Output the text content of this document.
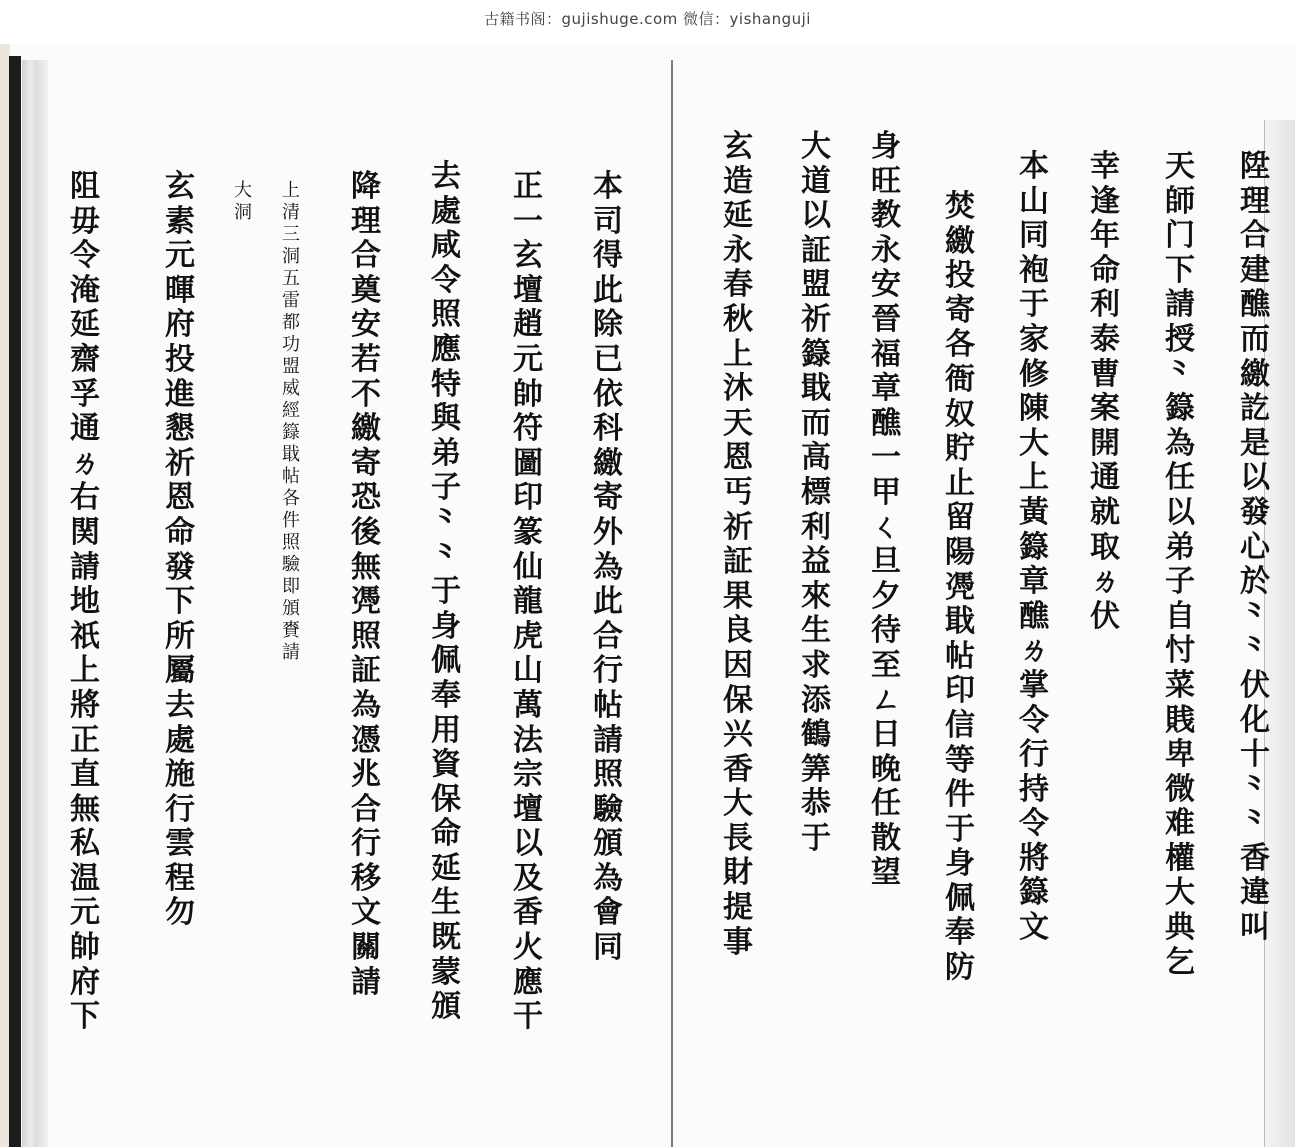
古籍书阁：gujishuge.com 微信：yishanguji
陞理合建醮而繳訖是以發心於⺀⺀伏化十⺀⺀香違叫
天師门下請授⺀籙為任以弟子自忖菜賎卑微难權大典乞
幸逢年命利泰曹案開通就取ㄌ伏
本山同袍于家修陳大上黃籙章醮ㄌ掌令行持令將籙文
焚繳投寄各衙奴貯止留陽凴戢帖印信等件于身佩奉防
身旺教永安晉福章醮一甲ㄑ旦夕待至ㄥ日晚任散望
大道以証盟祈籙戢而高標利益來生求添鶴筭恭于
玄造延永春秋上沐天恩丐祈証果良因保兴香大長財提事
本司得此除已依科繳寄外為此合行帖請照驗頒為會同
正一玄壇趙元帥符圖印篆仙龍虎山萬法宗壇以及香火應干
去處咸令照應特與弟子⺀⺀于身佩奉用資保命延生既蒙頒
降理合奠安若不繳寄恐後無凴照証為憑兆合行移文關請
上清三洞五雷都功盟威經籙戢帖各件照驗即頒賚請
大洞
玄素元暉府投進懇祈恩命發下所屬去處施行雲程勿
阻毋令淹延齋孚通ㄌ右関請地祇上將正直無私温元帥府下
